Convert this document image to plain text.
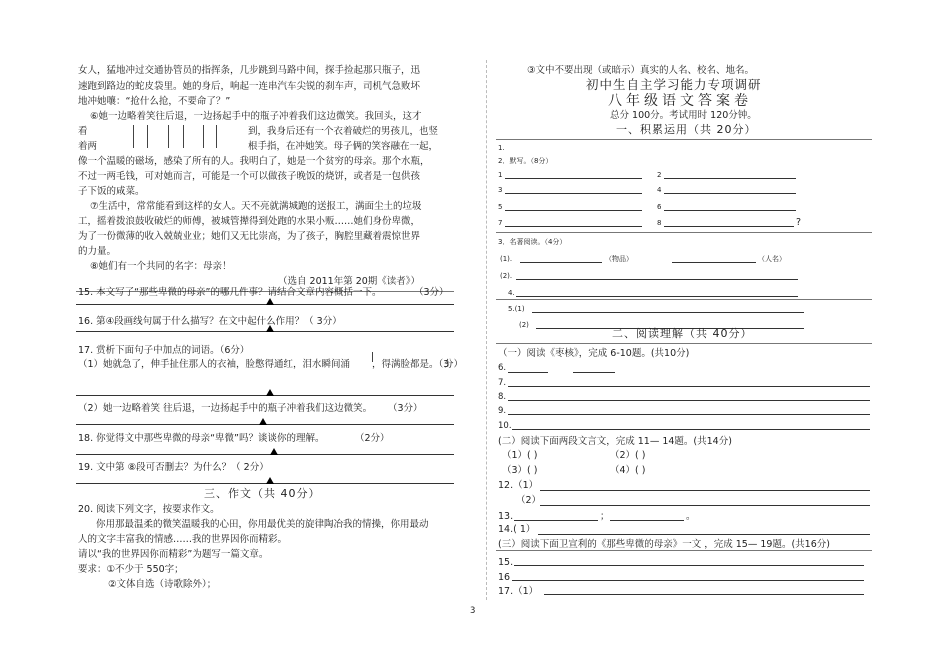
女人，猛地冲过交通协管员的指挥条，几步跳到马路中间，探手捡起那只瓶子，迅
速跑到路边的蛇皮袋里。她的身后，响起一连串汽车尖锐的刹车声，司机气急败坏
地冲她嚷：“抢什么抢，不要命了？”
⑥她一边略着笑往后退，一边扬起手中的瓶子冲着我们这边微笑。我回头，这才
看	到，我身后还有一个衣着破烂的男孩儿，也竖
着两	根手指，在冲她笑。母子俩的笑容融在一起，
像一个温暖的磁场，感染了所有的人。我明白了，她是一个贫穷的母亲。那个水瓶，
不过一两毛钱，可对她而言，可能是一个可以做孩子晚饭的烧饼，或者是一包供孩
子下饭的咸菜。
⑦生活中，常常能看到这样的女人。天不亮就满城跑的送报工，满面尘土的垃圾
工，摇着拨浪鼓收破烂的师傅，被城管撵得到处跑的水果小贩……她们身份卑微，
为了一份微薄的收入兢兢业业；她们又无比崇高，为了孩子，胸腔里藏着震惊世界
的力量。
⑧她们有一个共同的名字：母亲！
（选自 2011年第 20期《读者》）
15. 本文写了“那些卑微的母亲”的哪几件事？请结合文章内容概括一下。	（3分）
16. 第④段画线句属于什么描写？在文中起什么作用？（ 3分）
17. 赏析下面句子中加点的词语。（6分）
（1）她就急了，伸手扯住那人的衣袖，脸憋得通红，泪水瞬间涌 ，得满脸都是。（3
分）
（2）她一边略着笑 往后退，一边扬起手中的瓶子冲着我们这边微笑。 （3分）
18. 你觉得文中那些卑微的母亲“卑微”吗？谈谈你的理解。	（2分）
19. 文中第 ⑧段可否删去？为什么？（ 2分）
三、作文（共 40分）
20. 阅读下列文字，按要求作文。
你用那最温柔的微笑温暖我的心田，你用最优美的旋律陶冶我的情操，你用最动
人的文字丰富我的情感……我的世界因你而精彩。
请以“我的世界因你而精彩”为题写一篇文章。
要求：①不少于 550字；
②文体自选（诗歌除外）；
③文中不要出现（或暗示）真实的人名、校名、地名。
初中生自主学习能力专项调研
八年级语文答案卷
总分 100分。考试用时 120分钟。
一、积累运用（共 20分）
1.
2．默写。（8分）
1	2
3	4
5	6
7	8	?
3．名著阅读。（4分）
(1).	（物品）	（人名）
(2).
4.
5.(1)
(2)
二、阅读理解（共 40分）
（一）阅读《枣核》，完成 6-10题。(共10分)
6.
7.
8.
9.
10.
(二）阅读下面两段文言文，完成 11— 14题。(共14分)
（1）( )	（2）( )
（3）( )	（4）( )
12.（1）
（2）
13.	；	。
14.( 1）
(三）阅读下面卫宣利的《那些卑微的母亲》一文 ，完成 15— 19题。(共16分)
15.
16
17.（1）
3
